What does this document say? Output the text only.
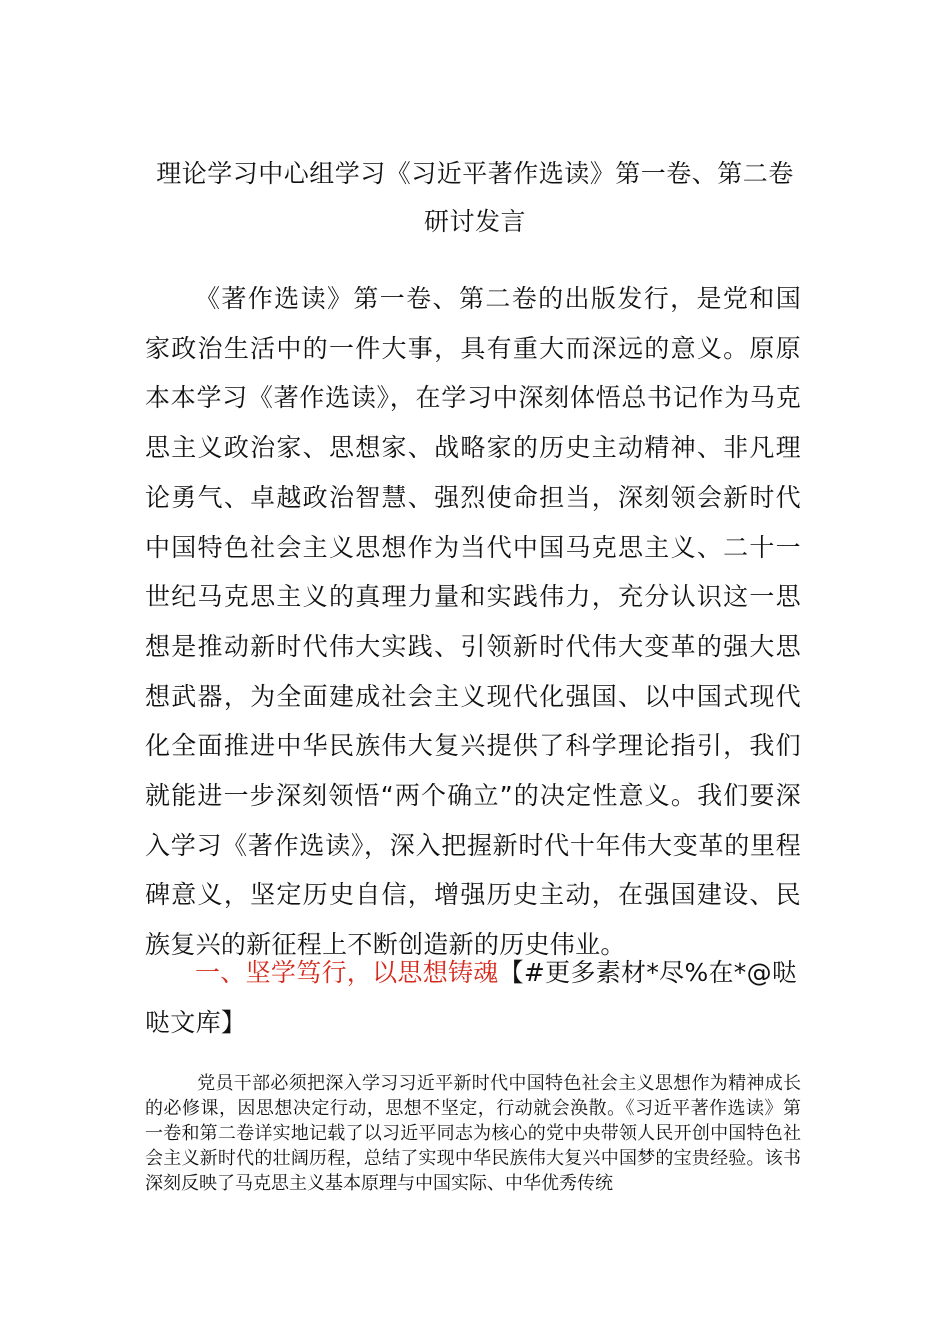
理论学习中心组学习《习近平著作选读》第一卷、第二卷
研讨发言

《著作选读》第一卷、第二卷的出版发行，是党和国家政治生活中的一件大事，具有重大而深远的意义。原原本本学习《著作选读》，在学习中深刻体悟总书记作为马克思主义政治家、思想家、战略家的历史主动精神、非凡理论勇气、卓越政治智慧、强烈使命担当，深刻领会新时代中国特色社会主义思想作为当代中国马克思主义、二十一世纪马克思主义的真理力量和实践伟力，充分认识这一思想是推动新时代伟大实践、引领新时代伟大变革的强大思想武器，为全面建成社会主义现代化强国、以中国式现代化全面推进中华民族伟大复兴提供了科学理论指引，我们就能进一步深刻领悟“两个确立”的决定性意义。我们要深入学习《著作选读》，深入把握新时代十年伟大变革的里程碑意义，坚定历史自信，增强历史主动，在强国建设、民族复兴的新征程上不断创造新的历史伟业。

一、坚学笃行，以思想铸魂【#更多素材*尽%在*@哒哒文库】

党员干部必须把深入学习习近平新时代中国特色社会主义思想作为精神成长的必修课，因思想决定行动，思想不坚定，行动就会涣散。《习近平著作选读》第一卷和第二卷详实地记载了以习近平同志为核心的党中央带领人民开创中国特色社会主义新时代的壮阔历程，总结了实现中华民族伟大复兴中国梦的宝贵经验。该书深刻反映了马克思主义基本原理与中国实际、中华优秀传统
